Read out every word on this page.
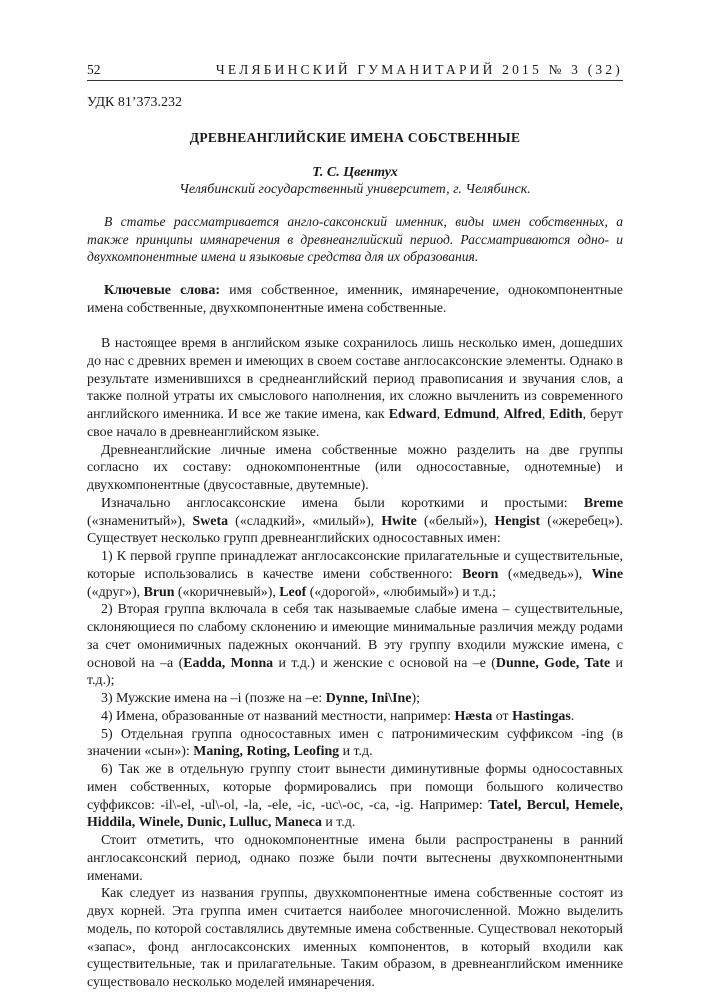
52	ЧЕЛЯБИНСКИЙ ГУМАНИТАРИЙ 2015 № 3 (32)
УДК 81’373.232
ДРЕВНЕАНГЛИЙСКИЕ ИМЕНА СОБСТВЕННЫЕ
Т. С. Цвентух
Челябинский государственный университет, г. Челябинск.

В статье рассматривается англо-саксонский именник, виды имен собственных, а также принципы имянаречения в древнеанглийский период. Рассматриваются одно- и двухкомпонентные имена и языковые средства для их образования.

Ключевые слова: имя собственное, именник, имянаречение, однокомпонентные имена собственные, двухкомпонентные имена собственные.

В настоящее время в английском языке сохранилось лишь несколько имен, дошедших до нас с древних времен и имеющих в своем составе англосаксонские элементы. Однако в результате изменившихся в среднеанглийский период правописания и звучания слов, а также полной утраты их смыслового наполнения, их сложно вычленить из современного английского именника. И все же такие имена, как Edward, Edmund, Alfred, Edith, берут свое начало в древнеанглийском языке.

Древнеанглийские личные имена собственные можно разделить на две группы согласно их составу: однокомпонентные (или односоставные, однотемные) и двухкомпонентные (двусоставные, двутемные).

Изначально англосаксонские имена были короткими и простыми: Breme («знаменитый»), Sweta («сладкий», «милый»), Hwite («белый»), Hengist («жеребец»). Существует несколько групп древнеанглийских односоставных имен:

1) К первой группе принадлежат англосаксонские прилагательные и существительные, которые использовались в качестве имени собственного: Beorn («медведь»), Wine («друг»), Brun («коричневый»), Leof («дорогой», «любимый») и т.д.;

2) Вторая группа включала в себя так называемые слабые имена – существительные, склоняющиеся по слабому склонению и имеющие минимальные различия между родами за счет омонимичных падежных окончаний. В эту группу входили мужские имена, с основой на –а (Eadda, Monna и т.д.) и женские с основой на –е (Dunne, Gode, Tate и т.д.);

3) Мужские имена на –i (позже на –e: Dynne, Ini\Ine);

4) Имена, образованные от названий местности, например: Hæsta от Hastingas.

5) Отдельная группа односоставных имен с патронимическим суффиксом -ing (в значении «сын»): Maning, Roting, Leofing и т.д.

6) Так же в отдельную группу стоит вынести диминутивные формы односоставных имен собственных, которые формировались при помощи большого количество суффиксов: -il\-el, -ul\-ol, -la, -ele, -ic, -uc\-oc, -ca, -ig. Например: Tatel, Bercul, Hemele, Hiddila, Winele, Dunic, Lulluc, Maneca и т.д.

Стоит отметить, что однокомпонентные имена были распространены в ранний англосаксонский период, однако позже были почти вытеснены двухкомпонентными именами.

Как следует из названия группы, двухкомпонентные имена собственные состоят из двух корней. Эта группа имен считается наиболее многочисленной. Можно выделить модель, по которой составлялись двутемные имена собственные. Существовал некоторый «запас», фонд англосаксонских именных компонентов, в который входили как существительные, так и прилагательные. Таким образом, в древнеанглийском именнике существовало несколько моделей имянаречения.
